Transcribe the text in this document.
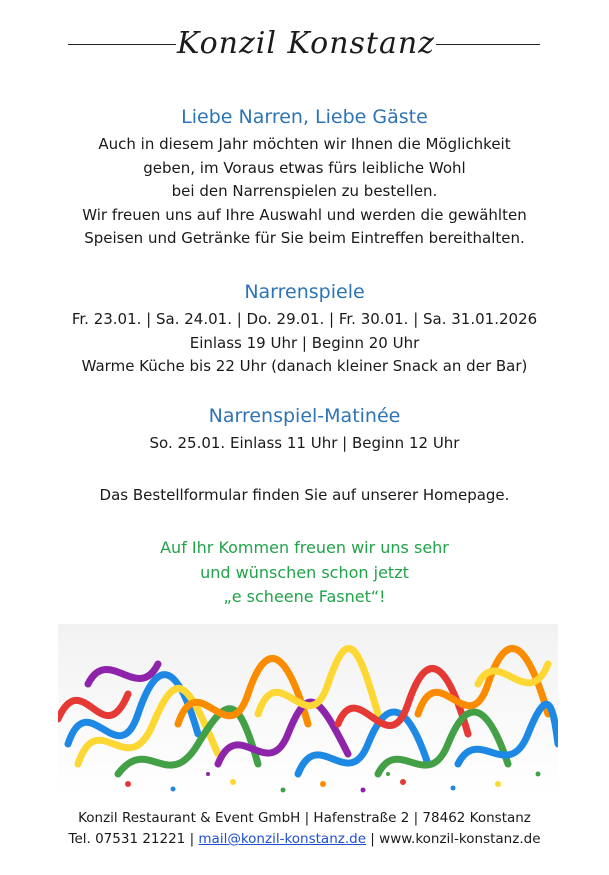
Konzil Konstanz
Liebe Narren, Liebe Gäste
Auch in diesem Jahr möchten wir Ihnen die Möglichkeit
geben, im Voraus etwas fürs leibliche Wohl
bei den Narrenspielen zu bestellen.
Wir freuen uns auf Ihre Auswahl und werden die gewählten
Speisen und Getränke für Sie beim Eintreffen bereithalten.
Narrenspiele
Fr. 23.01. | Sa. 24.01. | Do. 29.01. | Fr. 30.01. | Sa. 31.01.2026
Einlass 19 Uhr | Beginn 20 Uhr
Warme Küche bis 22 Uhr (danach kleiner Snack an der Bar)
Narrenspiel-Matinée
So. 25.01. Einlass 11 Uhr | Beginn 12 Uhr
Das Bestellformular finden Sie auf unserer Homepage.
Auf Ihr Kommen freuen wir uns sehr
und wünschen schon jetzt
„e scheene Fasnet“!
Konzil Restaurant & Event GmbH | Hafenstraße 2 | 78462 Konstanz
Tel. 07531 21221 | mail@konzil-konstanz.de | www.konzil-konstanz.de
